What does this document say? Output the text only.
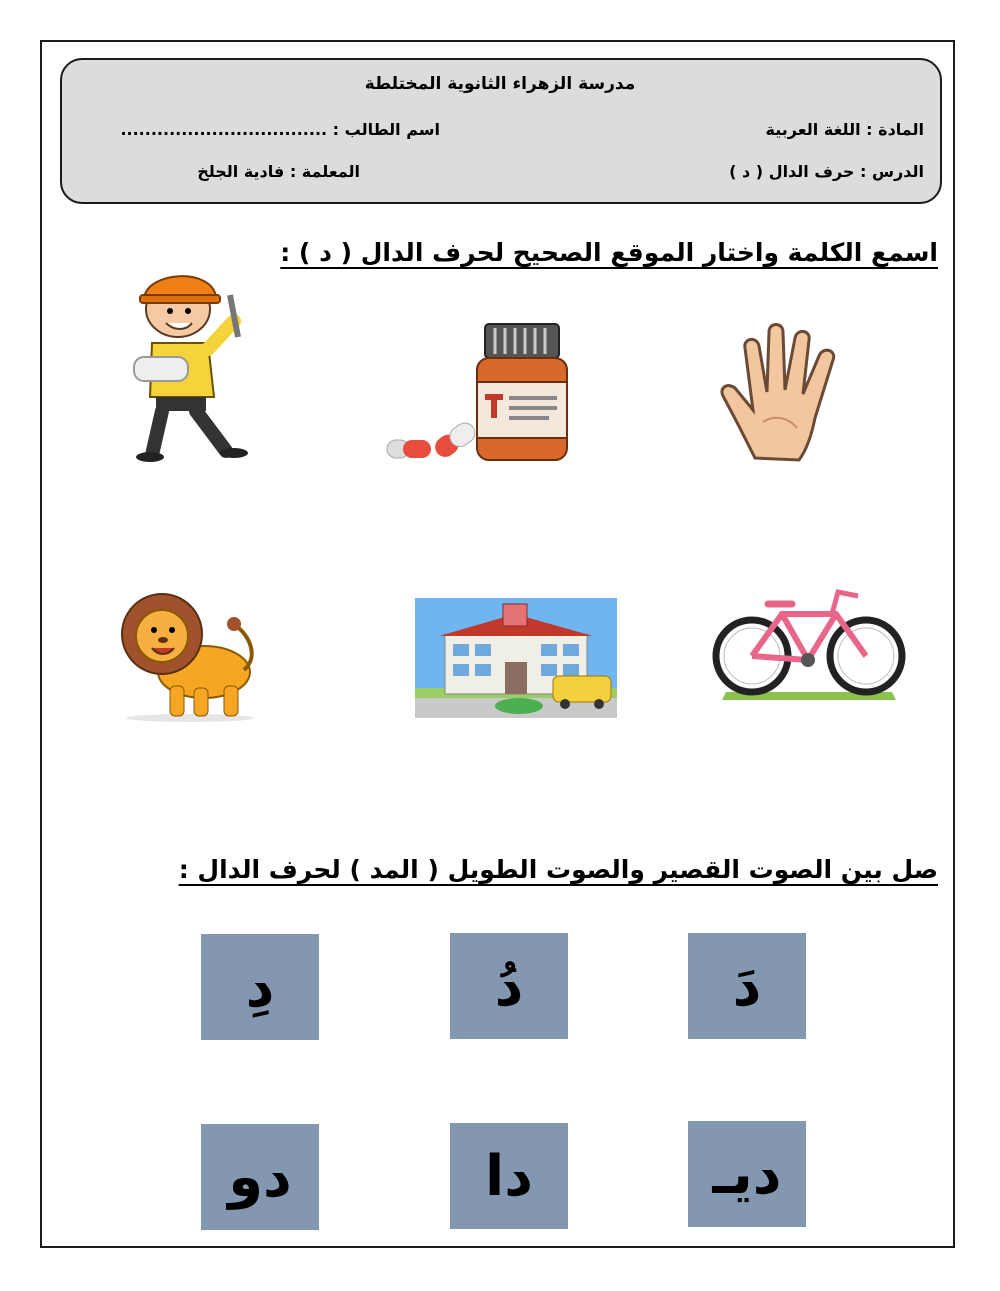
مدرسة الزهراء الثانوية المختلطة
المادة : اللغة العربية
اسم الطالب : ..................................
الدرس : حرف الدال ( د )
المعلمة : فادية الجلخ
اسمع الكلمة واختار الموقع الصحيح لحرف الدال ( د ) :
صل بين الصوت القصير والصوت الطويل ( المد ) لحرف الدال :
دَ
دُ
دِ
ديـ
دا
دو
